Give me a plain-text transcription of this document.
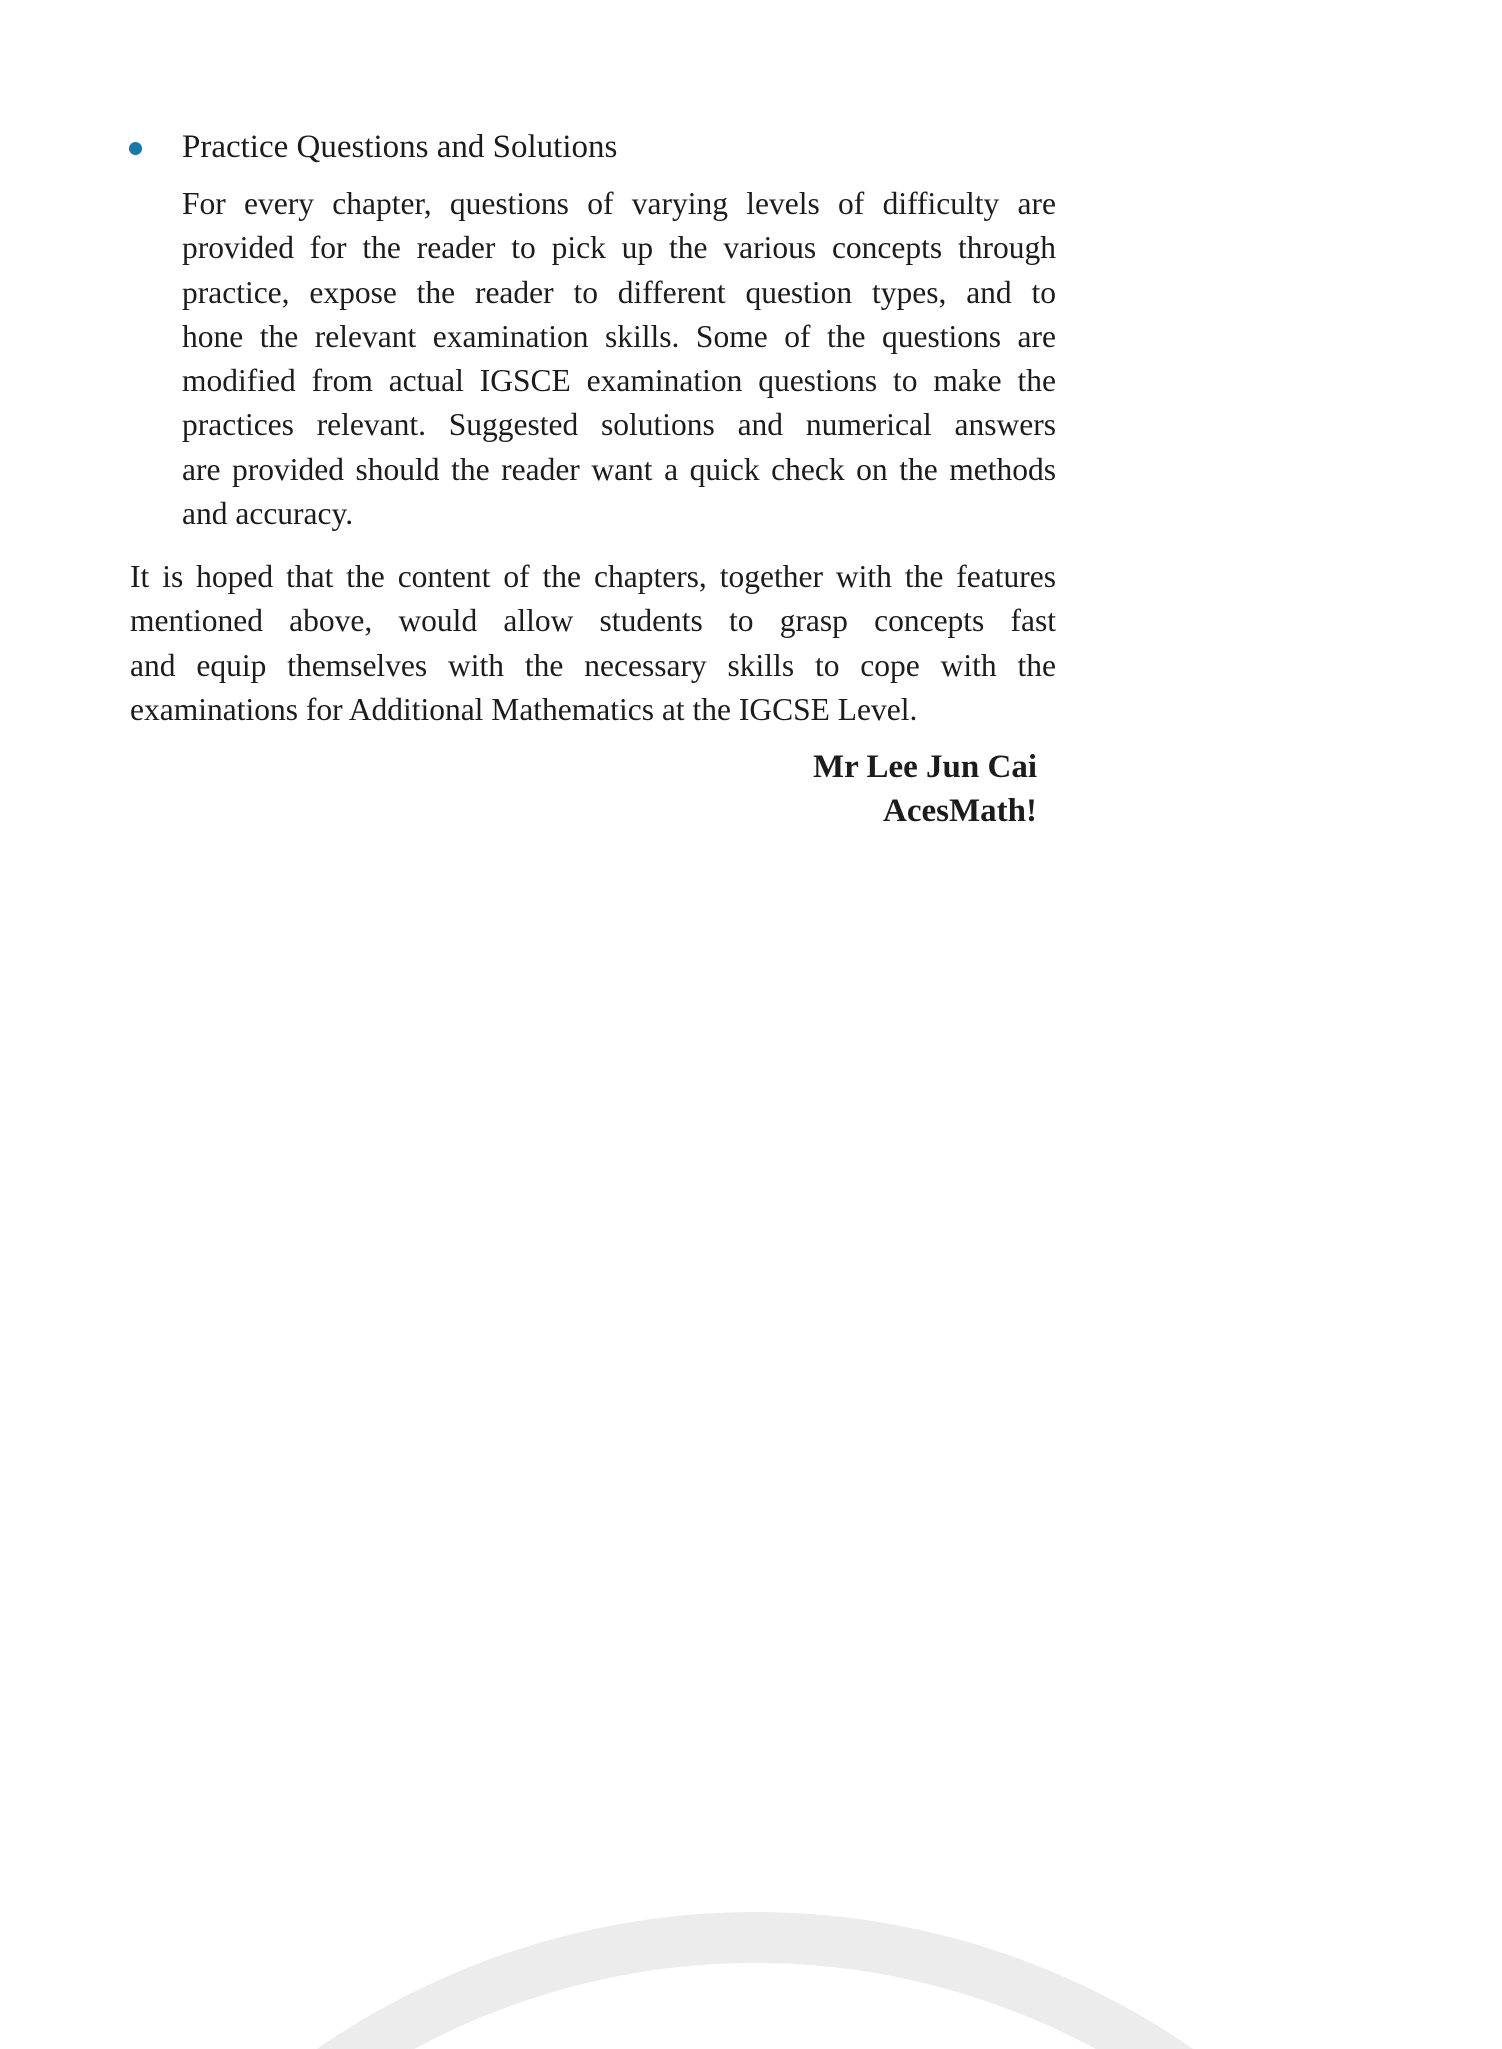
Practice Questions and Solutions
For every chapter, questions of varying levels of difficulty are
provided for the reader to pick up the various concepts through
practice, expose the reader to different question types, and to
hone the relevant examination skills. Some of the questions are
modified from actual IGSCE examination questions to make the
practices relevant. Suggested solutions and numerical answers
are provided should the reader want a quick check on the methods
and accuracy.
It is hoped that the content of the chapters, together with the features
mentioned above, would allow students to grasp concepts fast
and equip themselves with the necessary skills to cope with the
examinations for Additional Mathematics at the IGCSE Level.
Mr Lee Jun Cai
AcesMath!
